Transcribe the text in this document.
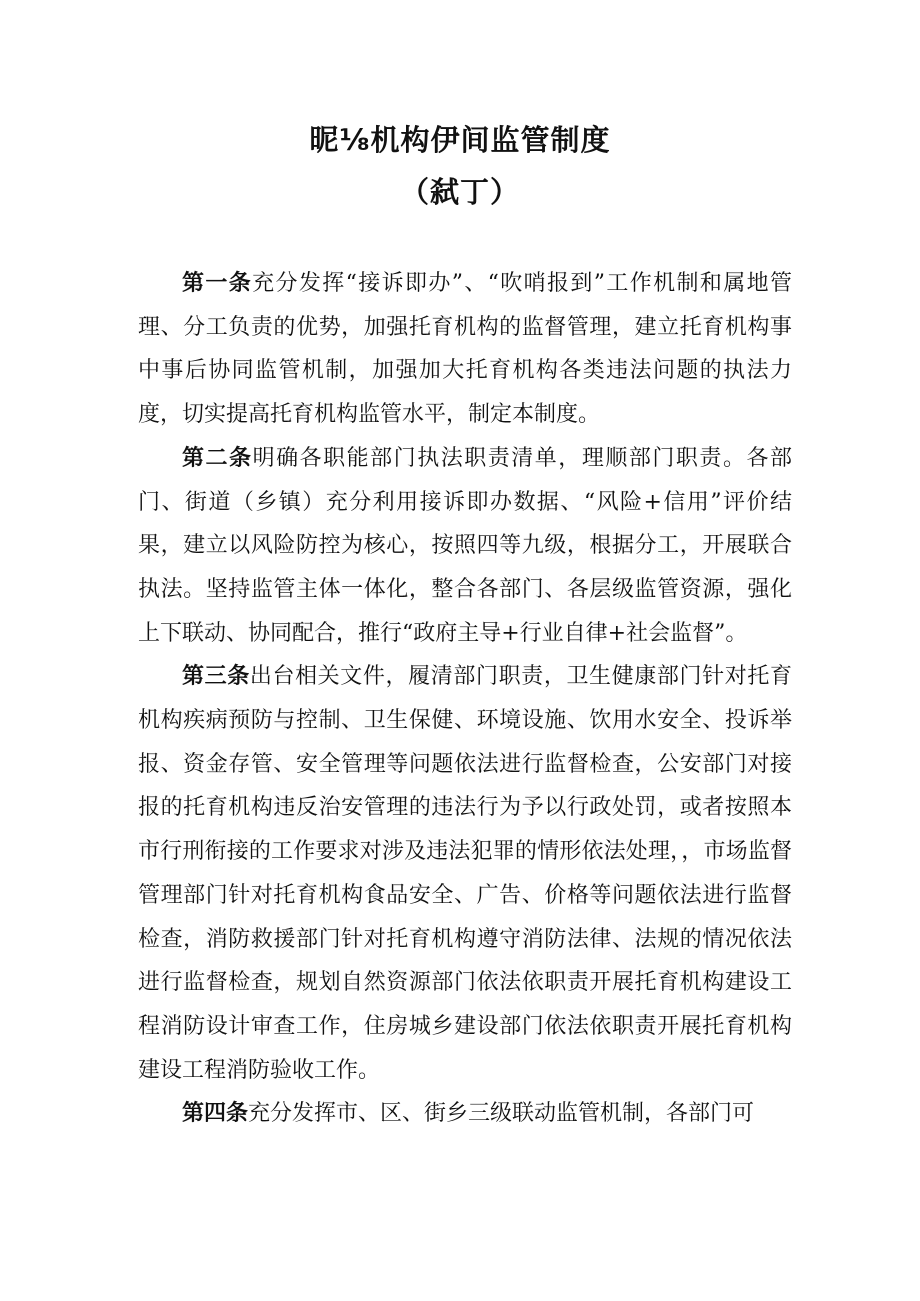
昵⅛机构伊间监管制度
（弑丁）

第一条充分发挥“接诉即办”、“吹哨报到”工作机制和属地管理、分工负责的优势，加强托育机构的监督管理，建立托育机构事中事后协同监管机制，加强加大托育机构各类违法问题的执法力度，切实提高托育机构监管水平，制定本制度。

第二条明确各职能部门执法职责清单，理顺部门职责。各部门、街道（乡镇）充分利用接诉即办数据、“风险+信用”评价结果，建立以风险防控为核心，按照四等九级，根据分工，开展联合执法。坚持监管主体一体化，整合各部门、各层级监管资源，强化上下联动、协同配合，推行“政府主导+行业自律+社会监督”。

第三条出台相关文件，履清部门职责，卫生健康部门针对托育机构疾病预防与控制、卫生保健、环境设施、饮用水安全、投诉举报、资金存管、安全管理等问题依法进行监督检查，公安部门对接报的托育机构违反治安管理的违法行为予以行政处罚，或者按照本市行刑衔接的工作要求对涉及违法犯罪的情形依法处理，，市场监督管理部门针对托育机构食品安全、广告、价格等问题依法进行监督检查，消防救援部门针对托育机构遵守消防法律、法规的情况依法进行监督检查，规划自然资源部门依法依职责开展托育机构建设工程消防设计审查工作，住房城乡建设部门依法依职责开展托育机构建设工程消防验收工作。

第四条充分发挥市、区、街乡三级联动监管机制，各部门可
